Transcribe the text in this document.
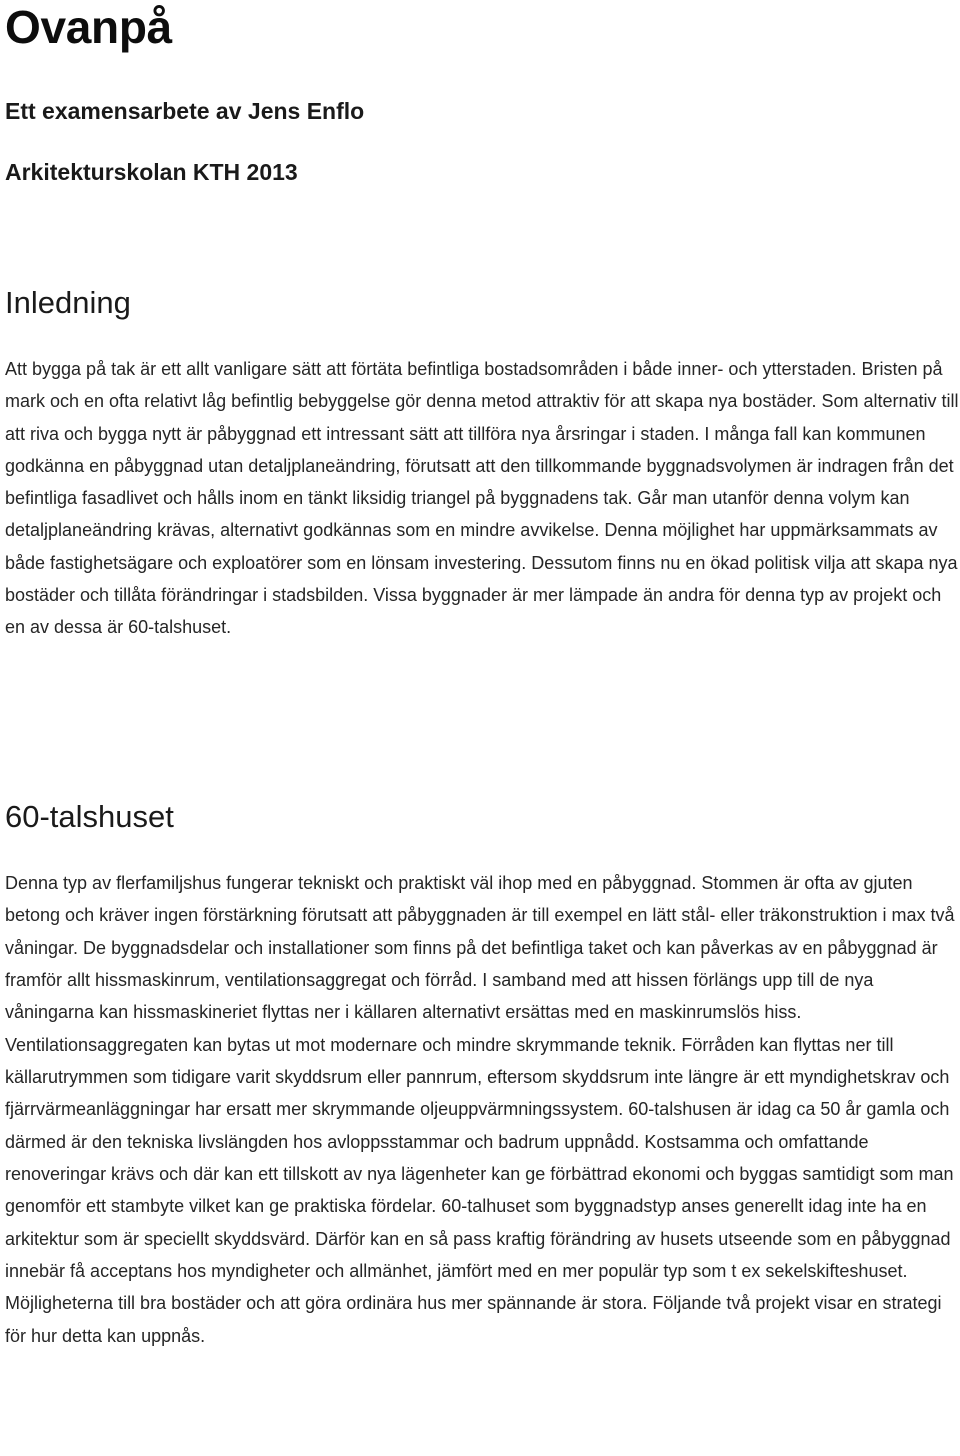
Ovanpå

Ett examensarbete av Jens Enflo

Arkitekturskolan KTH 2013

Inledning

Att bygga på tak är ett allt vanligare sätt att förtäta befintliga bostadsområden i både inner- och ytterstaden. Bristen på mark och en ofta relativt låg befintlig bebyggelse gör denna metod attraktiv för att skapa nya bostäder. Som alternativ till att riva och bygga nytt är påbyggnad ett intressant sätt att tillföra nya årsringar i staden. I många fall kan kommunen godkänna en påbyggnad utan detaljplaneändring, förutsatt att den tillkommande byggnadsvolymen är indragen från det befintliga fasadlivet och hålls inom en tänkt liksidig triangel på byggnadens tak. Går man utanför denna volym kan detaljplaneändring krävas, alternativt godkännas som en mindre avvikelse. Denna möjlighet har uppmärksammats av både fastighetsägare och exploatörer som en lönsam investering. Dessutom finns nu en ökad politisk vilja att skapa nya bostäder och tillåta förändringar i stadsbilden. Vissa byggnader är mer lämpade än andra för denna typ av projekt och en av dessa är 60-talshuset.

60-talshuset

Denna typ av flerfamiljshus fungerar tekniskt och praktiskt väl ihop med en påbyggnad. Stommen är ofta av gjuten betong och kräver ingen förstärkning förutsatt att påbyggnaden är till exempel en lätt stål- eller träkonstruktion i max två våningar. De byggnadsdelar och installationer som finns på det befintliga taket och kan påverkas av en påbyggnad är framför allt hissmaskinrum, ventilationsaggregat och förråd. I samband med att hissen förlängs upp till de nya våningarna kan hissmaskineriet flyttas ner i källaren alternativt ersättas med en maskinrumslös hiss. Ventilationsaggregaten kan bytas ut mot modernare och mindre skrymmande teknik. Förråden kan flyttas ner till källarutrymmen som tidigare varit skyddsrum eller pannrum, eftersom skyddsrum inte längre är ett myndighetskrav och fjärrvärmeanläggningar har ersatt mer skrymmande oljeuppvärmningssystem. 60-talshusen är idag ca 50 år gamla och därmed är den tekniska livslängden hos avloppsstammar och badrum uppnådd. Kostsamma och omfattande renoveringar krävs och där kan ett tillskott av nya lägenheter kan ge förbättrad ekonomi och byggas samtidigt som man genomför ett stambyte vilket kan ge praktiska fördelar. 60-talhuset som byggnadstyp anses generellt idag inte ha en arkitektur som är speciellt skyddsvärd. Därför kan en så pass kraftig förändring av husets utseende som en påbyggnad innebär få acceptans hos myndigheter och allmänhet, jämfört med en mer populär typ som t ex sekelskifteshuset. Möjligheterna till bra bostäder och att göra ordinära hus mer spännande är stora. Följande två projekt visar en strategi för hur detta kan uppnås.
